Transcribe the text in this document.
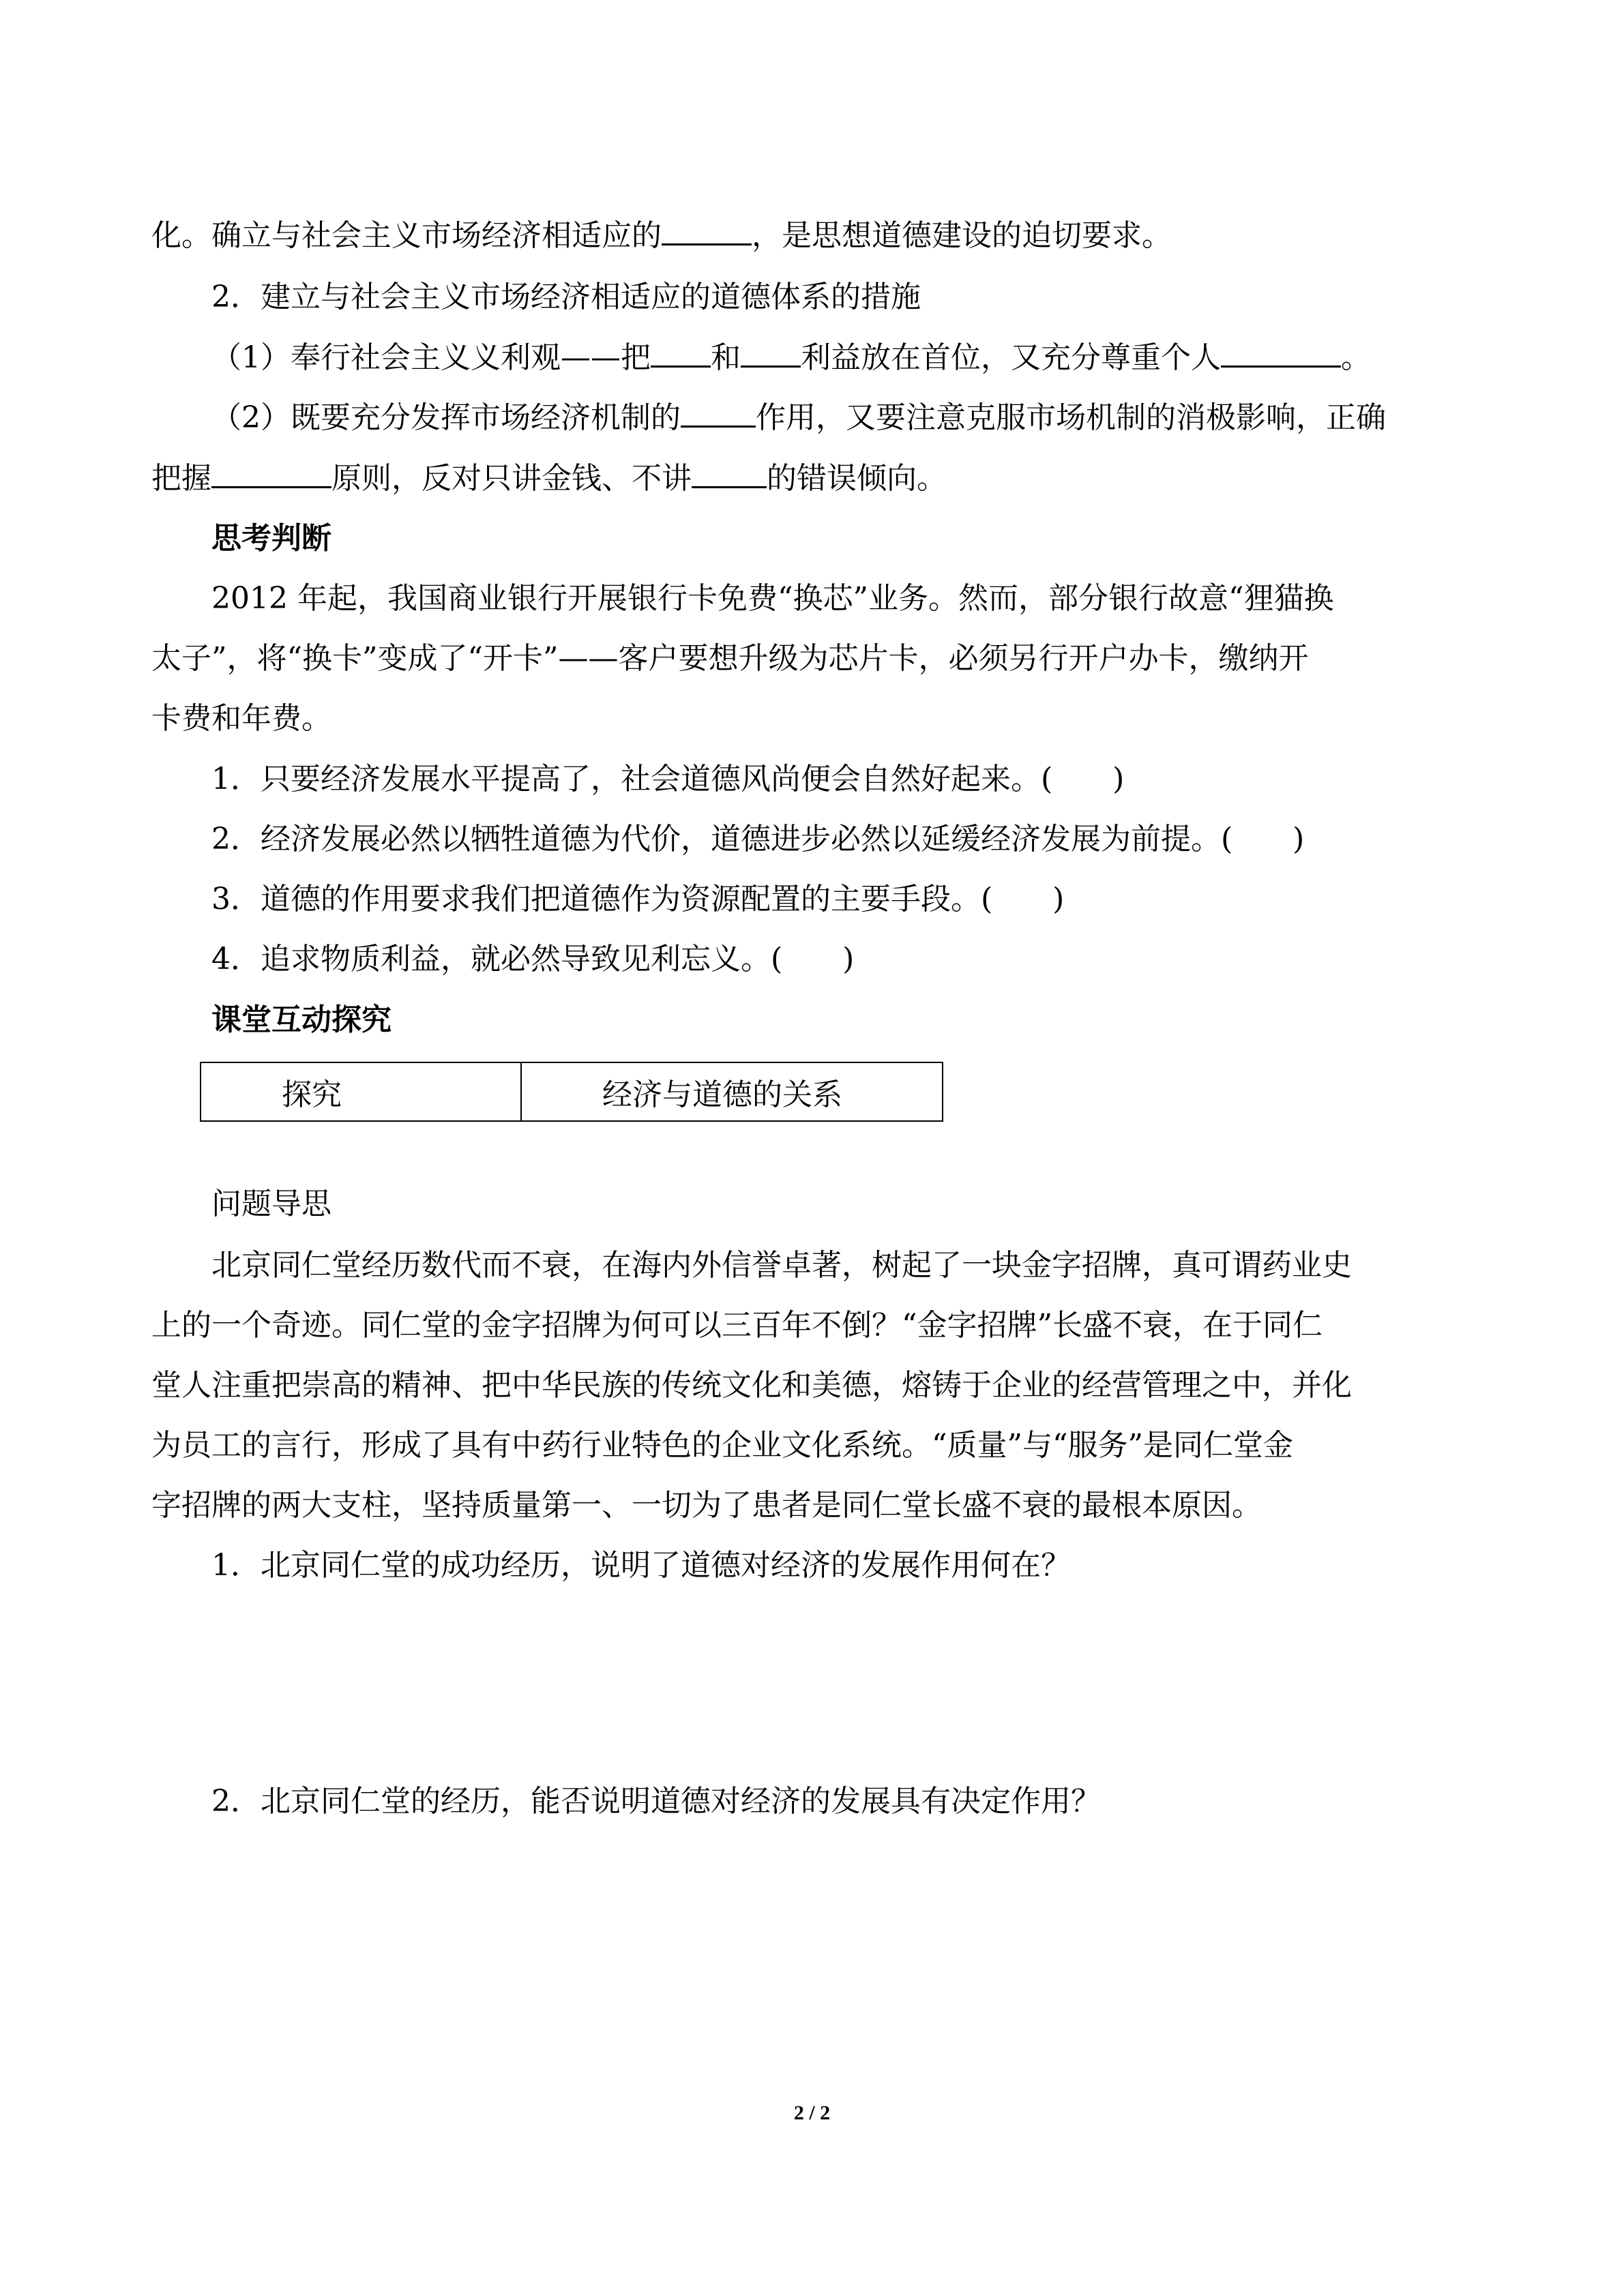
化。确立与社会主义市场经济相适应的	，是思想道德建设的迫切要求。
2．建立与社会主义市场经济相适应的道德体系的措施
（1）奉行社会主义义利观——把 和 利益放在首位，又充分尊重个人	。
（2）既要充分发挥市场经济机制的	作用，又要注意克服市场机制的消极影响，正确
把握	原则，反对只讲金钱、不讲	的错误倾向。
思考判断
2012 年起，我国商业银行开展银行卡免费“换芯”业务。然而，部分银行故意“狸猫换
太子”，将“换卡”变成了“开卡”——客户要想升级为芯片卡，必须另行开户办卡，缴纳开
卡费和年费。
1．只要经济发展水平提高了，社会道德风尚便会自然好起来。(　　)
2．经济发展必然以牺牲道德为代价，道德进步必然以延缓经济发展为前提。(　　)
3．道德的作用要求我们把道德作为资源配置的主要手段。(　　)
4．追求物质利益，就必然导致见利忘义。(　　)
课堂互动探究
探究	经济与道德的关系
问题导思
北京同仁堂经历数代而不衰，在海内外信誉卓著，树起了一块金字招牌，真可谓药业史
上的一个奇迹。同仁堂的金字招牌为何可以三百年不倒？“金字招牌”长盛不衰，在于同仁
堂人注重把崇高的精神、把中华民族的传统文化和美德，熔铸于企业的经营管理之中，并化
为员工的言行，形成了具有中药行业特色的企业文化系统。“质量”与“服务”是同仁堂金
字招牌的两大支柱，坚持质量第一、一切为了患者是同仁堂长盛不衰的最根本原因。
1．北京同仁堂的成功经历，说明了道德对经济的发展作用何在？
2．北京同仁堂的经历，能否说明道德对经济的发展具有决定作用？
2 / 2
